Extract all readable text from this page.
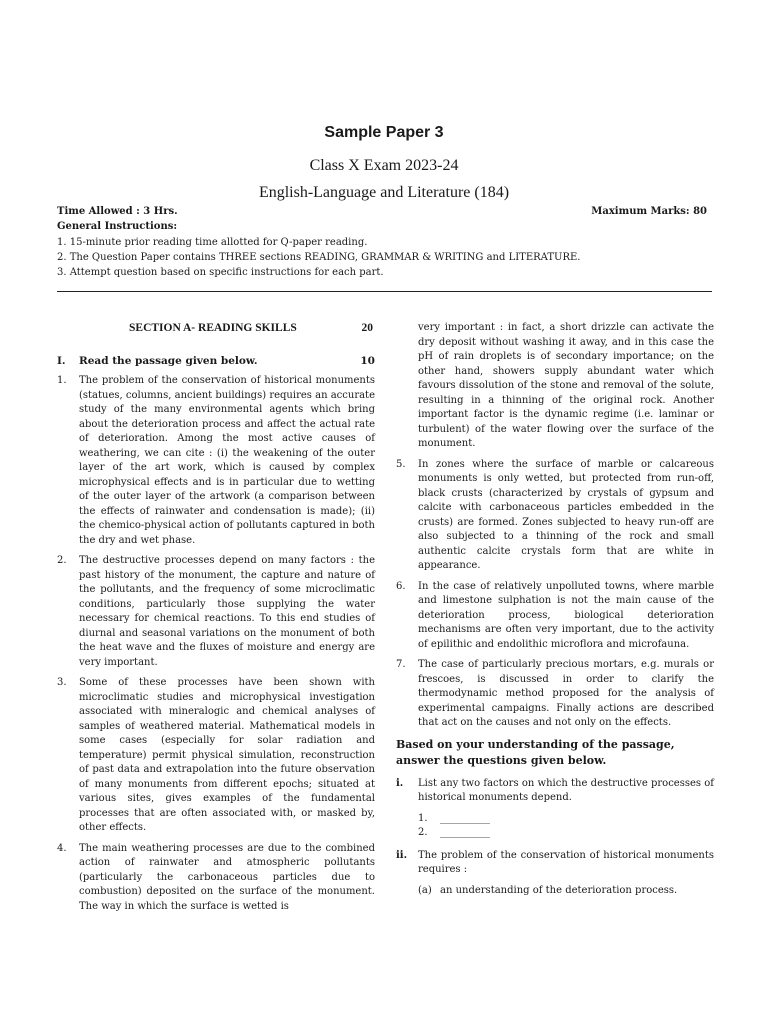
Sample Paper 3
Class X Exam 2023-24
English-Language and Literature (184)
Time Allowed : 3 Hrs.	Maximum Marks: 80
General Instructions:
1. 15-minute prior reading time allotted for Q-paper reading.
2. The Question Paper contains THREE sections READING, GRAMMAR & WRITING and LITERATURE.
3. Attempt question based on specific instructions for each part.
SECTION A- READING SKILLS	20
I.	Read the passage given below.	10
1.	The problem of the conservation of historical monuments (statues, columns, ancient buildings) requires an accurate study of the many environmental agents which bring about the deterioration process and affect the actual rate of deterioration. Among the most active causes of weathering, we can cite : (i) the weakening of the outer layer of the art work, which is caused by complex microphysical effects and is in particular due to wetting of the outer layer of the artwork (a comparison between the effects of rainwater and condensation is made); (ii) the chemico-physical action of pollutants captured in both the dry and wet phase.
2.	The destructive processes depend on many factors : the past history of the monument, the capture and nature of the pollutants, and the frequency of some microclimatic conditions, particularly those supplying the water necessary for chemical reactions. To this end studies of diurnal and seasonal variations on the monument of both the heat wave and the fluxes of moisture and energy are very important.
3.	Some of these processes have been shown with microclimatic studies and microphysical investigation associated with mineralogic and chemical analyses of samples of weathered material. Mathematical models in some cases (especially for solar radiation and temperature) permit physical simulation, reconstruction of past data and extrapolation into the future observation of many monuments from different epochs; situated at various sites, gives examples of the fundamental processes that are often associated with, or masked by, other effects.
4.	The main weathering processes are due to the combined action of rainwater and atmospheric pollutants (particularly the carbonaceous particles due to combustion) deposited on the surface of the monument. The way in which the surface is wetted is
very important : in fact, a short drizzle can activate the dry deposit without washing it away, and in this case the pH of rain droplets is of secondary importance; on the other hand, showers supply abundant water which favours dissolution of the stone and removal of the solute, resulting in a thinning of the original rock. Another important factor is the dynamic regime (i.e. laminar or turbulent) of the water flowing over the surface of the monument.
5.	In zones where the surface of marble or calcareous monuments is only wetted, but protected from run-off, black crusts (characterized by crystals of gypsum and calcite with carbonaceous particles embedded in the crusts) are formed. Zones subjected to heavy run-off are also subjected to a thinning of the rock and small authentic calcite crystals form that are white in appearance.
6.	In the case of relatively unpolluted towns, where marble and limestone sulphation is not the main cause of the deterioration process, biological deterioration mechanisms are often very important, due to the activity of epilithic and endolithic microflora and microfauna.
7.	The case of particularly precious mortars, e.g. murals or frescoes, is discussed in order to clarify the thermodynamic method proposed for the analysis of experimental campaigns. Finally actions are described that act on the causes and not only on the effects.
Based on your understanding of the passage, answer the questions given below.
i.	List any two factors on which the destructive processes of historical monuments depend.
1.	__________
2.	__________
ii.	The problem of the conservation of historical monuments requires :
(a) an understanding of the deterioration process.
